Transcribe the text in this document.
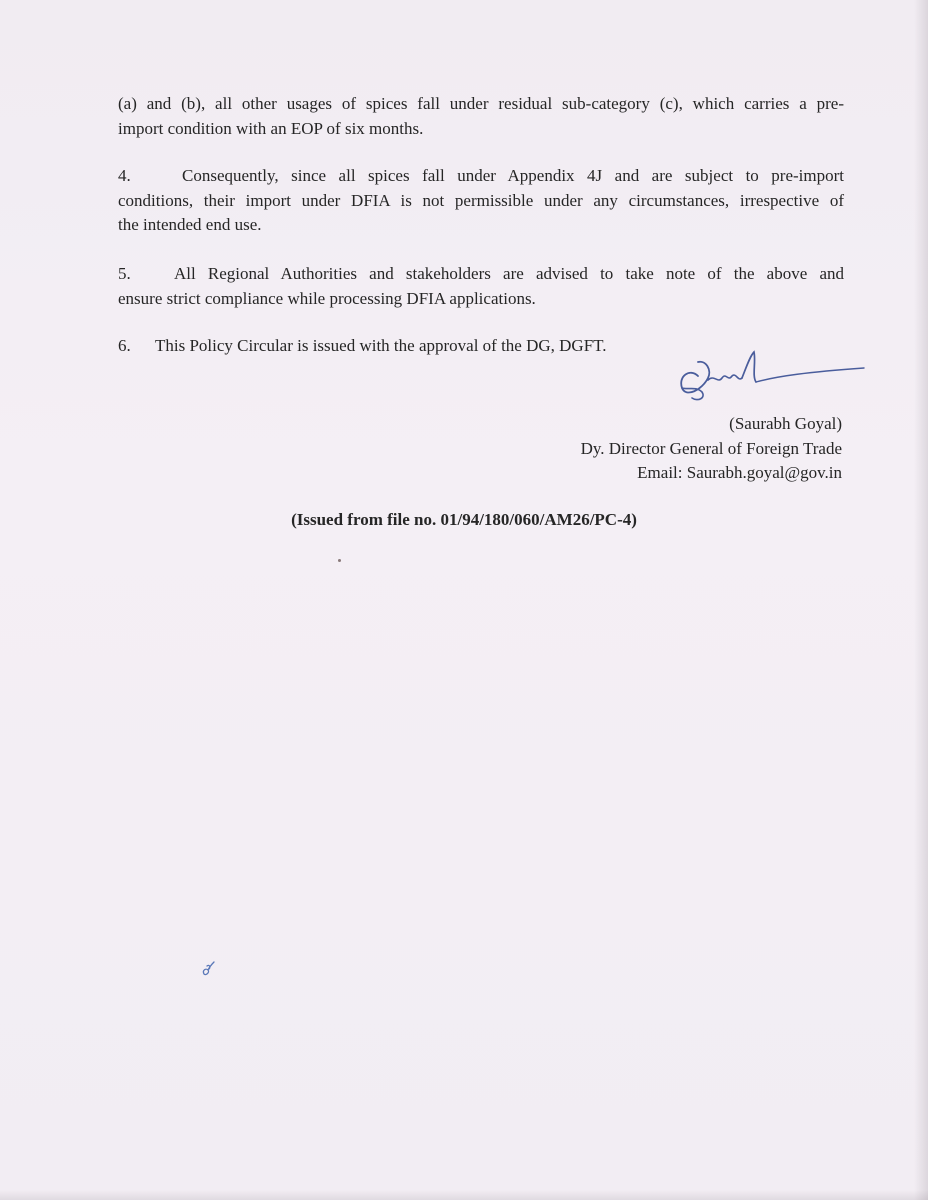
(a) and (b), all other usages of spices fall under residual sub-category (c), which carries a pre-
import condition with an EOP of six months.
4.	Consequently, since all spices fall under Appendix 4J and are subject to pre-import
conditions, their import under DFIA is not permissible under any circumstances, irrespective of
the intended end use.
5.	All Regional Authorities and stakeholders are advised to take note of the above and
ensure strict compliance while processing DFIA applications.
6. This Policy Circular is issued with the approval of the DG, DGFT.
(Saurabh Goyal)
Dy. Director General of Foreign Trade
Email: Saurabh.goyal@gov.in
(Issued from file no. 01/94/180/060/AM26/PC-4)
